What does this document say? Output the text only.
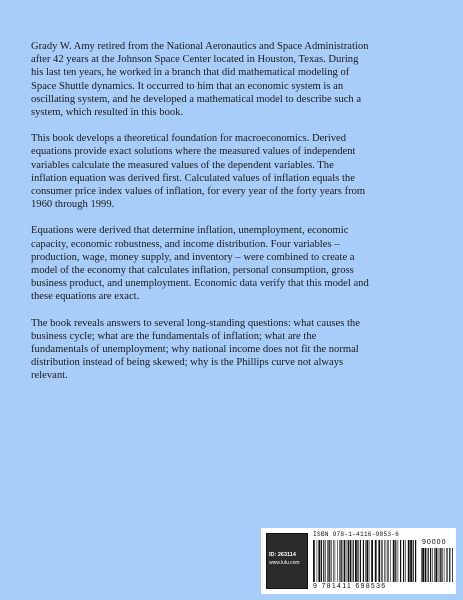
Grady W. Amy retired from the National Aeronautics and Space Administration
after 42 years at the Johnson Space Center located in Houston, Texas. During
his last ten years, he worked in a branch that did mathematical modeling of
Space Shuttle dynamics. It occurred to him that an economic system is an
oscillating system, and he developed a mathematical model to describe such a
system, which resulted in this book.

This book develops a theoretical foundation for macroeconomics. Derived
equations provide exact solutions where the measured values of independent
variables calculate the measured values of the dependent variables. The
inflation equation was derived first. Calculated values of inflation equals the
consumer price index values of inflation, for every year of the forty years from
1960 through 1999.

Equations were derived that determine inflation, unemployment, economic
capacity, economic robustness, and income distribution. Four variables –
production, wage, money supply, and inventory – were combined to create a
model of the economy that calculates inflation, personal consumption, gross
business product, and unemployment. Economic data verify that this model and
these equations are exact.

The book reveals answers to several long-standing questions: what causes the
business cycle; what are the fundamentals of inflation; what are the
fundamentals of unemployment; why national income does not fit the normal
distribution instead of being skewed; why is the Phillips curve not always
relevant.

ID: 263114
www.lulu.com
ISBN 978-1-4116-9853-6
90000
9 781411 698536
